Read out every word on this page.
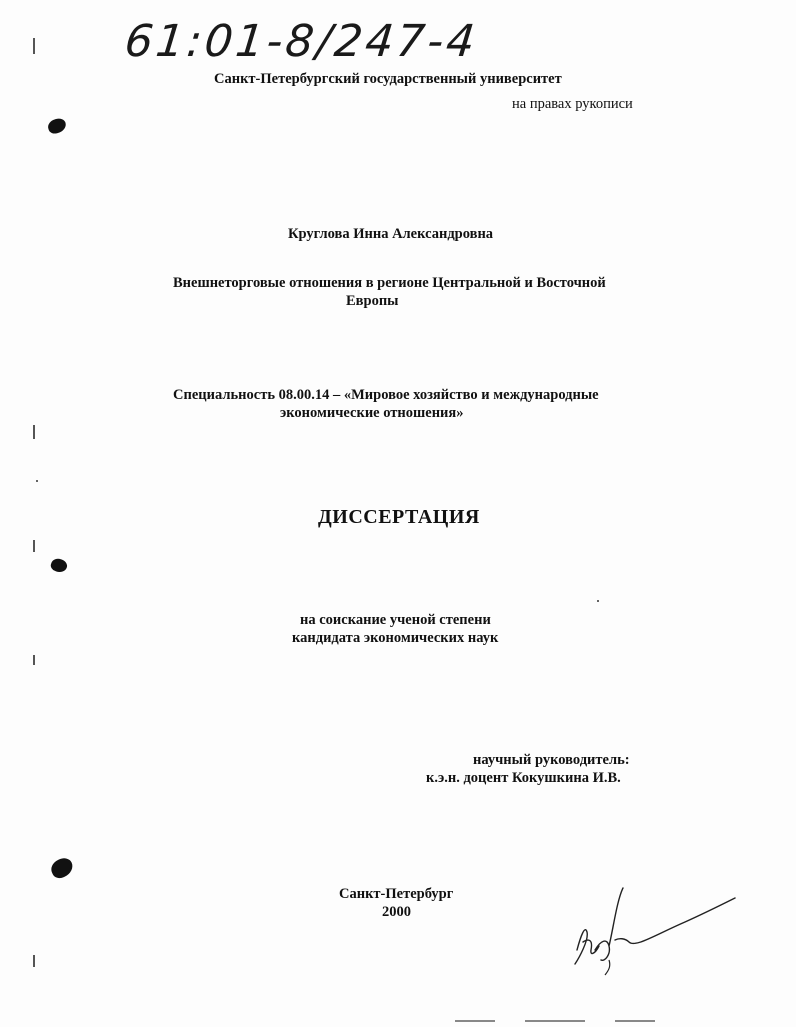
61:01-8/247-4
Санкт-Петербургский государственный университет
на правах рукописи
Круглова Инна Александровна
Внешнеторговые отношения в регионе Центральной и Восточной
Европы
Специальность 08.00.14 – «Мировое хозяйство и международные
экономические отношения»
ДИССЕРТАЦИЯ
на соискание ученой степени
кандидата экономических наук
научный руководитель:
к.э.н. доцент Кокушкина И.В.
Санкт-Петербург
2000
